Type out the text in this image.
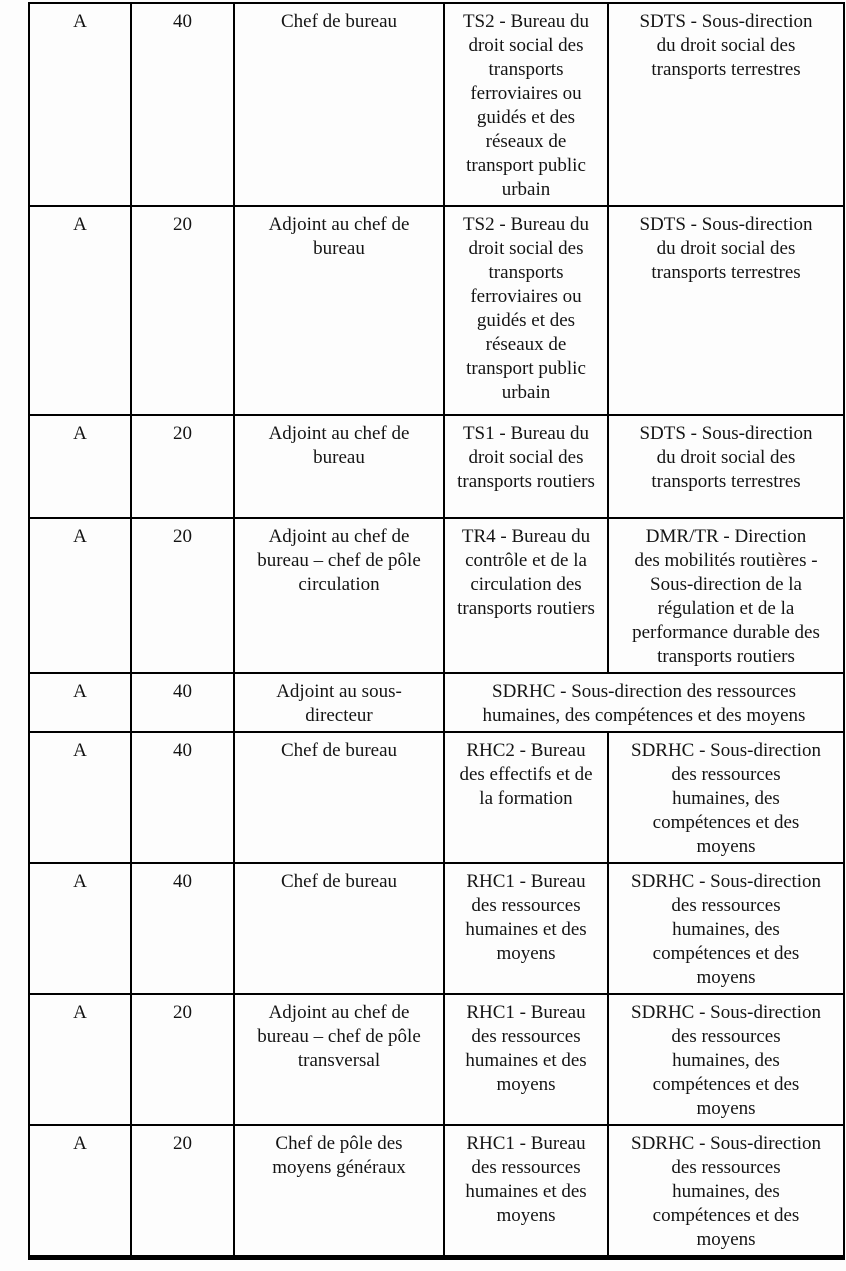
A	40	Chef de bureau	TS2 - Bureau du droit social des transports ferroviaires ou guidés et des réseaux de transport public urbain	SDTS - Sous-direction du droit social des transports terrestres
A	20	Adjoint au chef de bureau	TS2 - Bureau du droit social des transports ferroviaires ou guidés et des réseaux de transport public urbain	SDTS - Sous-direction du droit social des transports terrestres
A	20	Adjoint au chef de bureau	TS1 - Bureau du droit social des transports routiers	SDTS - Sous-direction du droit social des transports terrestres
A	20	Adjoint au chef de bureau – chef de pôle circulation	TR4 - Bureau du contrôle et de la circulation des transports routiers	DMR/TR - Direction des mobilités routières - Sous-direction de la régulation et de la performance durable des transports routiers
A	40	Adjoint au sous-directeur	SDRHC - Sous-direction des ressources humaines, des compétences et des moyens	
A	40	Chef de bureau	RHC2 - Bureau des effectifs et de la formation	SDRHC - Sous-direction des ressources humaines, des compétences et des moyens
A	40	Chef de bureau	RHC1 - Bureau des ressources humaines et des moyens	SDRHC - Sous-direction des ressources humaines, des compétences et des moyens
A	20	Adjoint au chef de bureau – chef de pôle transversal	RHC1 - Bureau des ressources humaines et des moyens	SDRHC - Sous-direction des ressources humaines, des compétences et des moyens
A	20	Chef de pôle des moyens généraux	RHC1 - Bureau des ressources humaines et des moyens	SDRHC - Sous-direction des ressources humaines, des compétences et des moyens
